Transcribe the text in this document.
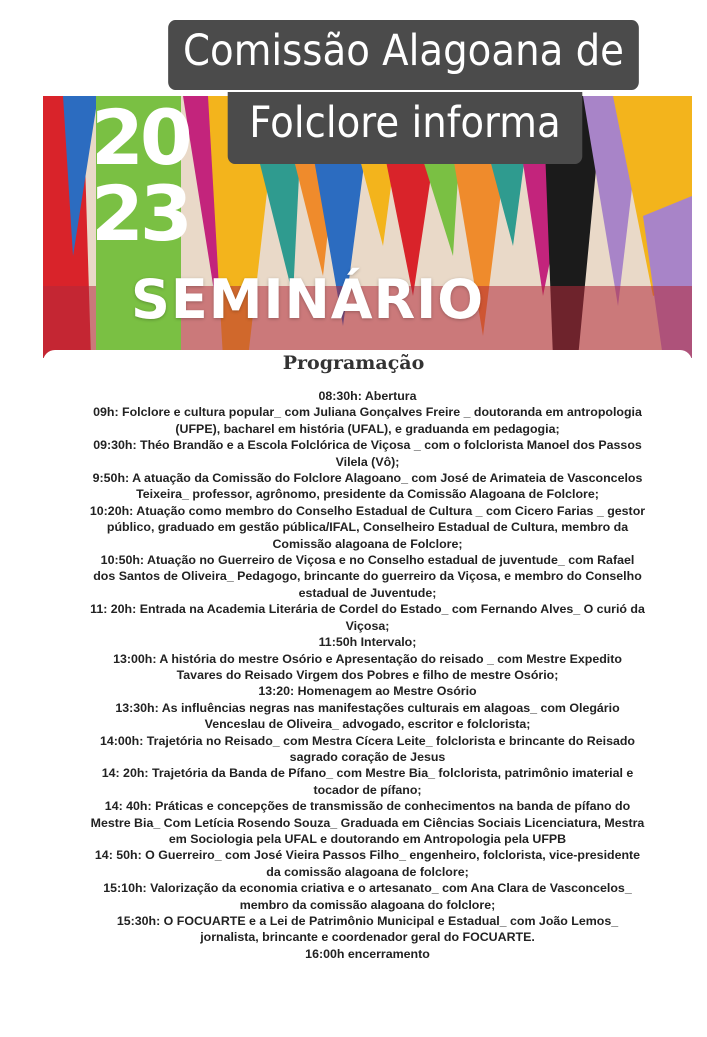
20
23
SEMINÁRIO
Comissão Alagoana de
Folclore informa
Programação
08:30h: Abertura
09h: Folclore e cultura popular_ com Juliana Gonçalves Freire _ doutoranda em antropologia
(UFPE), bacharel em história (UFAL), e graduanda em pedagogia;
09:30h: Théo Brandão e a Escola Folclórica de Viçosa _ com o folclorista Manoel dos Passos
Vilela (Vô);
9:50h: A atuação da Comissão do Folclore Alagoano_ com José de Arimateia de Vasconcelos
Teixeira_ professor, agrônomo, presidente da Comissão Alagoana de Folclore;
10:20h: Atuação como membro do Conselho Estadual de Cultura _ com Cicero Farias _ gestor
público, graduado em gestão pública/IFAL, Conselheiro Estadual de Cultura, membro da
Comissão alagoana de Folclore;
10:50h: Atuação no Guerreiro de Viçosa e no Conselho estadual de juventude_ com Rafael
dos Santos de Oliveira_ Pedagogo, brincante do guerreiro da Viçosa, e membro do Conselho
estadual de Juventude;
11: 20h: Entrada na Academia Literária de Cordel do Estado_ com Fernando Alves_ O curió da
Viçosa;
11:50h Intervalo;
13:00h: A história do mestre Osório e Apresentação do reisado _ com Mestre Expedito
Tavares do Reisado Virgem dos Pobres e filho de mestre Osório;
13:20: Homenagem ao Mestre Osório
13:30h: As influências negras nas manifestações culturais em alagoas_ com Olegário
Venceslau de Oliveira_ advogado, escritor e folclorista;
14:00h: Trajetória no Reisado_ com Mestra Cícera Leite_ folclorista e brincante do Reisado
sagrado coração de Jesus
14: 20h: Trajetória da Banda de Pífano_ com Mestre Bia_ folclorista, patrimônio imaterial e
tocador de pífano;
14: 40h: Práticas e concepções de transmissão de conhecimentos na banda de pífano do
Mestre Bia_ Com Letícia Rosendo Souza_ Graduada em Ciências Sociais Licenciatura, Mestra
em Sociologia pela UFAL e doutorando em Antropologia pela UFPB
14: 50h: O Guerreiro_ com José Vieira Passos Filho_ engenheiro, folclorista, vice-presidente
da comissão alagoana de folclore;
15:10h: Valorização da economia criativa e o artesanato_ com Ana Clara de Vasconcelos_
membro da comissão alagoana do folclore;
15:30h: O FOCUARTE e a Lei de Patrimônio Municipal e Estadual_ com João Lemos_
jornalista, brincante e coordenador geral do FOCUARTE.
16:00h encerramento
